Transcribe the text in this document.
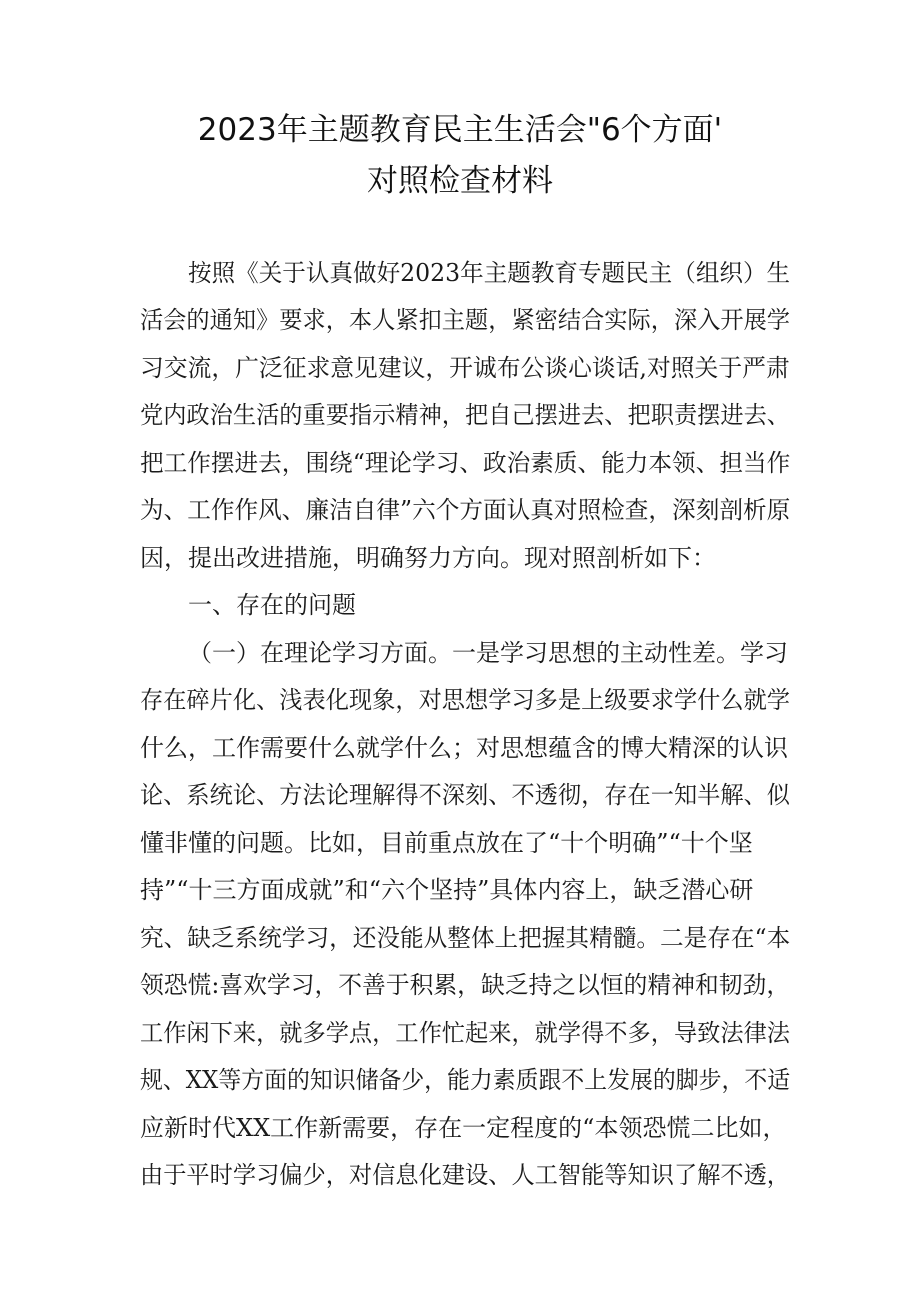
2023年主题教育民主生活会"6个方面'
对照检查材料
按照《关于认真做好2023年主题教育专题民主（组织）生
活会的通知》要求，本人紧扣主题，紧密结合实际，深入开展学
习交流，广泛征求意见建议，开诚布公谈心谈话,对照关于严肃
党内政治生活的重要指示精神，把自己摆进去、把职责摆进去、
把工作摆进去，围绕“理论学习、政治素质、能力本领、担当作
为、工作作风、廉洁自律”六个方面认真对照检查，深刻剖析原
因，提出改进措施，明确努力方向。现对照剖析如下：
一、存在的问题
（一）在理论学习方面。一是学习思想的主动性差。学习
存在碎片化、浅表化现象，对思想学习多是上级要求学什么就学
什么，工作需要什么就学什么；对思想蕴含的博大精深的认识
论、系统论、方法论理解得不深刻、不透彻，存在一知半解、似
懂非懂的问题。比如，目前重点放在了“十个明确”“十个坚
持”“十三方面成就”和“六个坚持”具体内容上，缺乏潜心研
究、缺乏系统学习，还没能从整体上把握其精髓。二是存在“本
领恐慌:喜欢学习，不善于积累，缺乏持之以恒的精神和韧劲，
工作闲下来，就多学点，工作忙起来，就学得不多，导致法律法
规、XX等方面的知识储备少，能力素质跟不上发展的脚步，不适
应新时代XX工作新需要，存在一定程度的“本领恐慌二比如，
由于平时学习偏少，对信息化建设、人工智能等知识了解不透，
